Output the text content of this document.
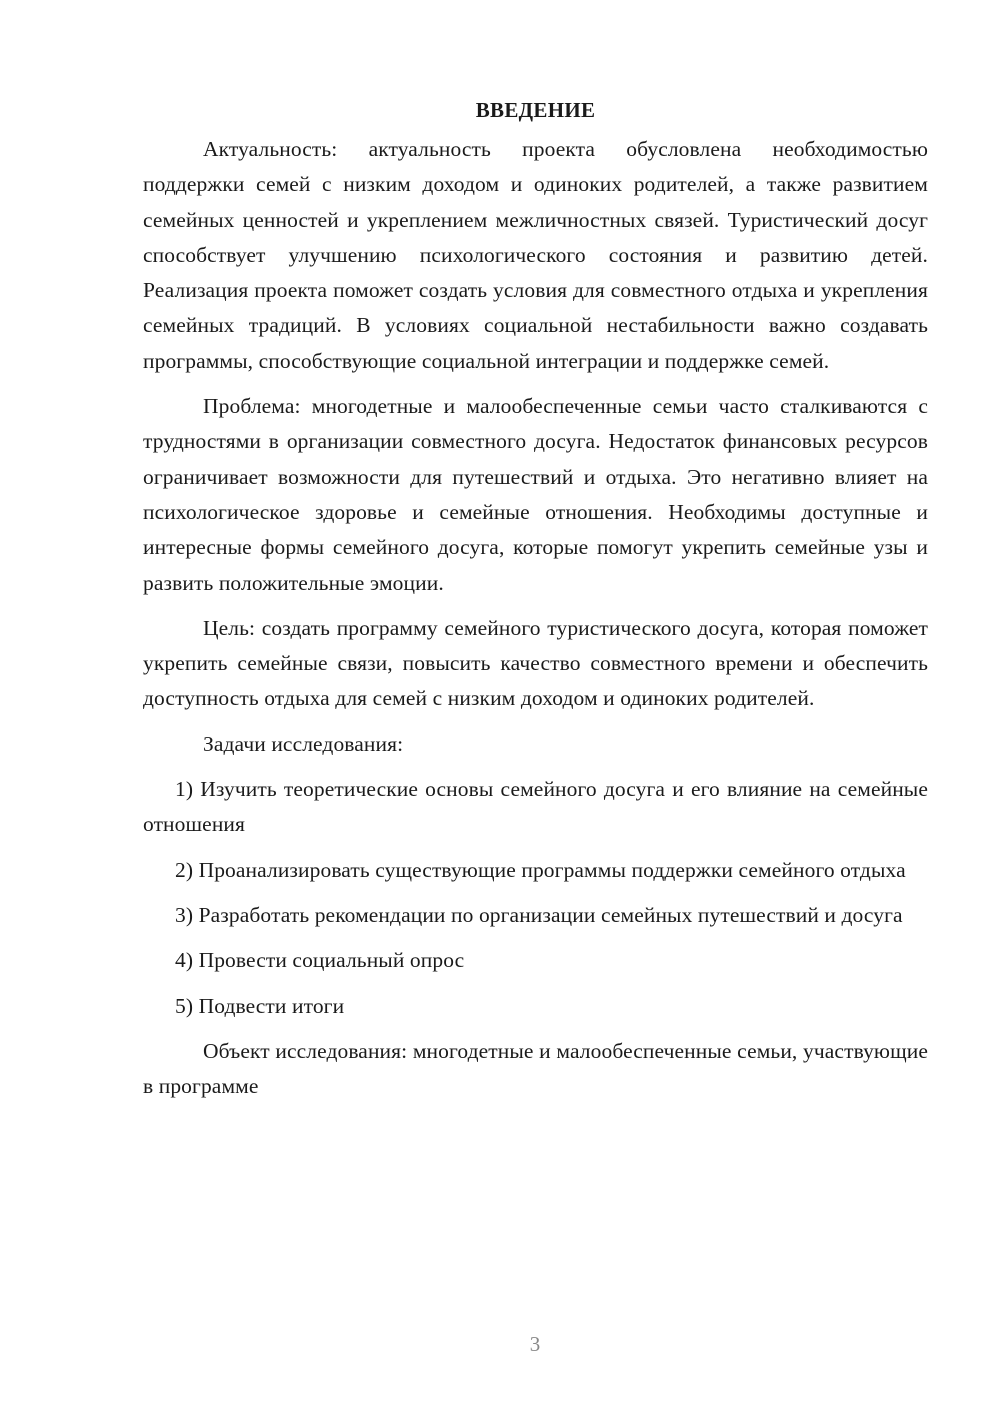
ВВЕДЕНИЕ

Актуальность: актуальность проекта обусловлена необходимостью поддержки семей с низким доходом и одиноких родителей, а также развитием семейных ценностей и укреплением межличностных связей. Туристический досуг способствует улучшению психологического состояния и развитию детей. Реализация проекта поможет создать условия для совместного отдыха и укрепления семейных традиций. В условиях социальной нестабильности важно создавать программы, способствующие социальной интеграции и поддержке семей.

Проблема: многодетные и малообеспеченные семьи часто сталкиваются с трудностями в организации совместного досуга. Недостаток финансовых ресурсов ограничивает возможности для путешествий и отдыха. Это негативно влияет на психологическое здоровье и семейные отношения. Необходимы доступные и интересные формы семейного досуга, которые помогут укрепить семейные узы и развить положительные эмоции.

Цель: создать программу семейного туристического досуга, которая поможет укрепить семейные связи, повысить качество совместного времени и обеспечить доступность отдыха для семей с низким доходом и одиноких родителей.

Задачи исследования:

1) Изучить теоретические основы семейного досуга и его влияние на семейные отношения

2) Проанализировать существующие программы поддержки семейного отдыха

3) Разработать рекомендации по организации семейных путешествий и досуга

4) Провести социальный опрос

5) Подвести итоги

Объект исследования: многодетные и малообеспеченные семьи, участвующие в программе

3
